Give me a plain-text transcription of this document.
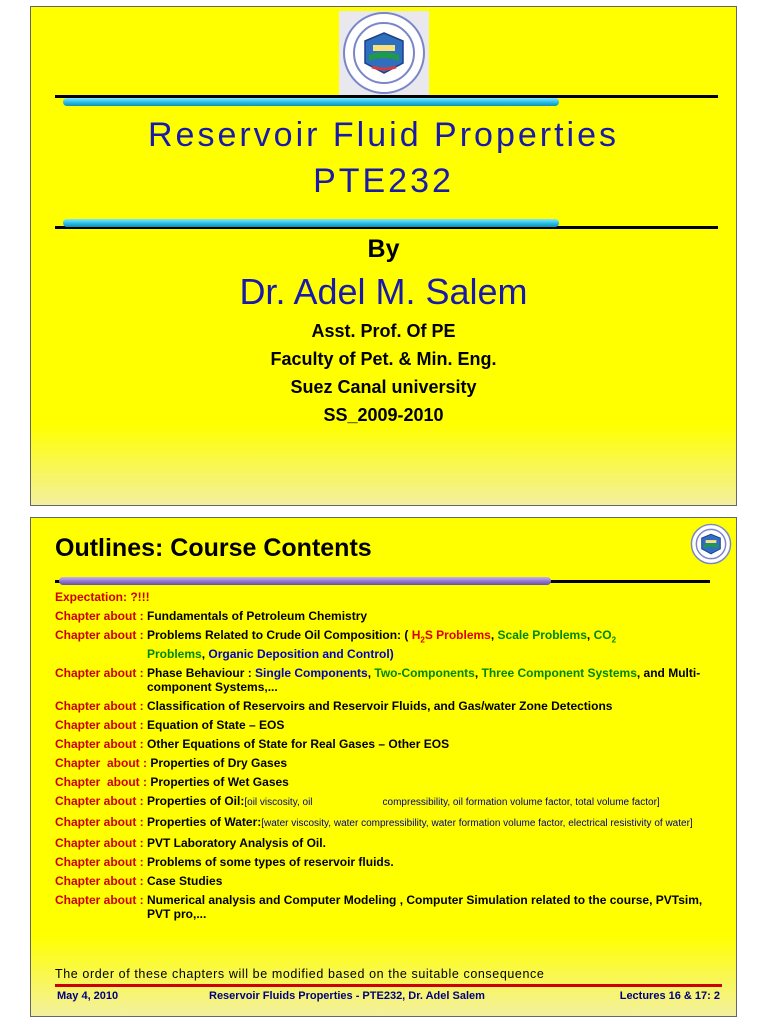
Reservoir Fluid Properties
PTE232
By
Dr. Adel M. Salem
Asst. Prof. Of PE
Faculty of Pet. & Min. Eng.
Suez Canal university
SS_2009-2010
Outlines: Course Contents
Expectation: ?!!!
Chapter about : Fundamentals of Petroleum Chemistry
Chapter about : Problems Related to Crude Oil Composition: ( $H_2S$ Problems, Scale Problems, $CO_2$
Problems, Organic Deposition and Control)
Chapter about : Phase Behaviour : Single Components, Two-Components, Three Component Systems, and Multi-component Systems,...
Chapter about : Classification of Reservoirs and Reservoir Fluids, and Gas/water Zone Detections
Chapter about : Equation of State – EOS
Chapter about : Other Equations of State for Real Gases – Other EOS
Chapter  about : Properties of Dry Gases
Chapter  about : Properties of Wet Gases
Chapter about : Properties of Oil:[oil viscosity, oil	compressibility, oil formation volume factor, total volume factor]
Chapter about : Properties of Water:[water viscosity, water compressibility, water formation volume factor, electrical resistivity of water]
Chapter about : PVT Laboratory Analysis of Oil.
Chapter about : Problems of some types of reservoir fluids.
Chapter about : Case Studies
Chapter about : Numerical analysis and Computer Modeling , Computer Simulation related to the course, PVTsim, PVT pro,...
The order of these chapters will be modified based on the suitable consequence
May 4, 2010	Reservoir Fluids Properties - PTE232, Dr. Adel Salem	Lectures 16 & 17: 2
